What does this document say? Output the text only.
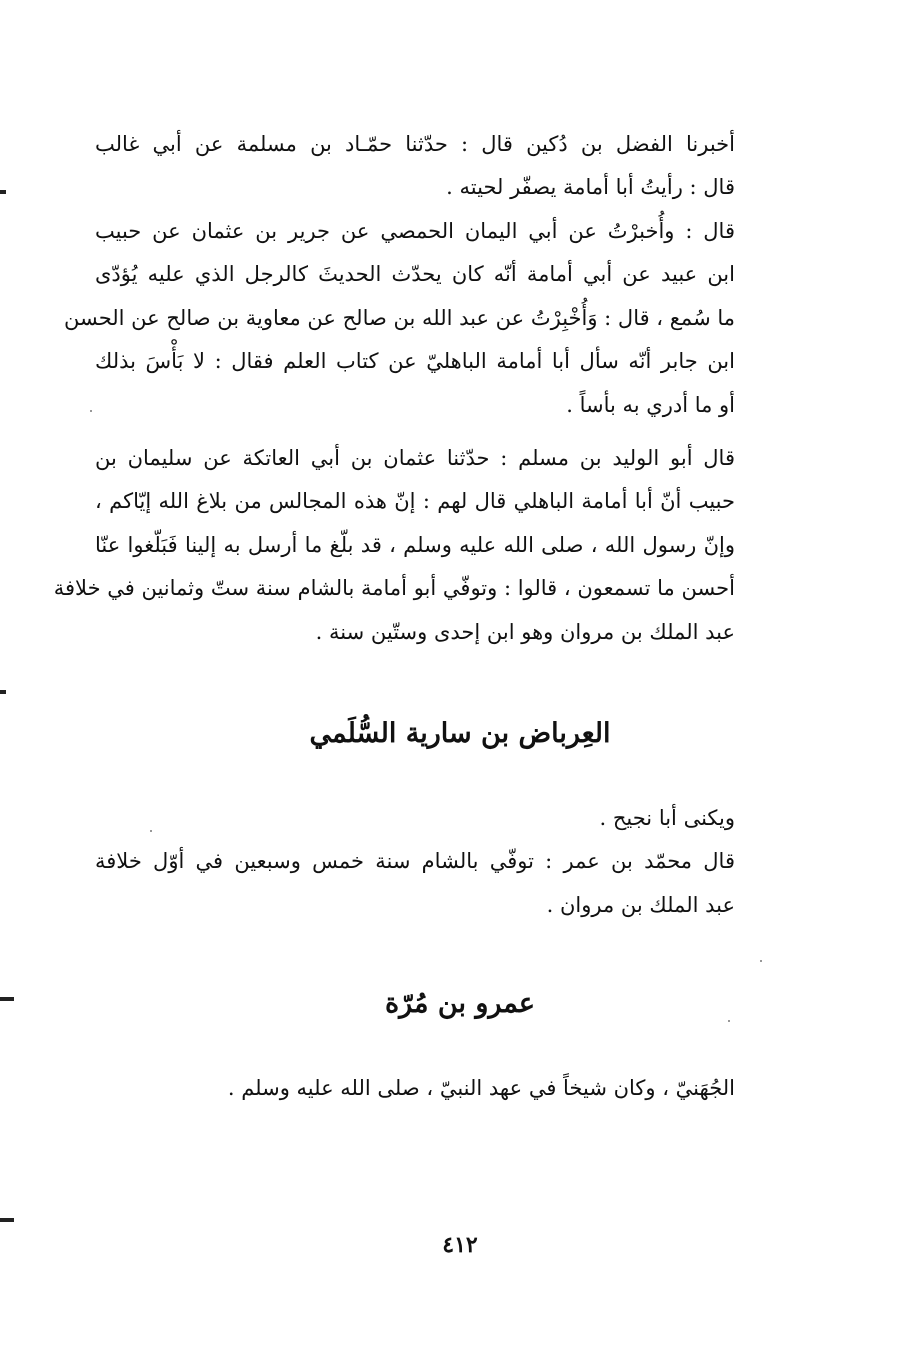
أخبرنا الفضل بن دُكين قال : حدّثنا حمّـاد بن مسلمة عن أبي غالب
قال : رأيتُ أبا أمامة يصفّر لحيته .
قال : وأُخبرْتُ عن أبي اليمان الحمصي عن جرير بن عثمان عن حبيب
ابن عبيد عن أبي أمامة أنّه كان يحدّث الحديثَ كالرجل الذي عليه يُؤدّى
ما سُمع ، قال : وَأُخْبِرْتُ عن عبد الله بن صالح عن معاوية بن صالح عن الحسن
ابن جابر أنّه سأل أبا أمامة الباهليّ عن كتاب العلم فقال : لا بَأْسَ بذلك
أو ما أدري به بأساً .
قال أبو الوليد بن مسلم : حدّثنا عثمان بن أبي العاتكة عن سليمان بن
حبيب أنّ أبا أمامة الباهلي قال لهم : إنّ هذه المجالس من بلاغ الله إيّاكم ،
وإنّ رسول الله ، صلى الله عليه وسلم ، قد بلّغ ما أرسل به إلينا فَبَلّغوا عنّا
أحسن ما تسمعون ، قالوا : وتوفّي أبو أمامة بالشام سنة ستّ وثمانين في خلافة
عبد الملك بن مروان وهو ابن إحدى وستّين سنة .
العِرباض بن سارية السُّلَمي
ويكنى أبا نجيح .
قال محمّد بن عمر : توفّي بالشام سنة خمس وسبعين في أوّل خلافة
عبد الملك بن مروان .
عمرو بن مُرّة
الجُهَنيّ ، وكان شيخاً في عهد النبيّ ، صلى الله عليه وسلم .
٤١٢
